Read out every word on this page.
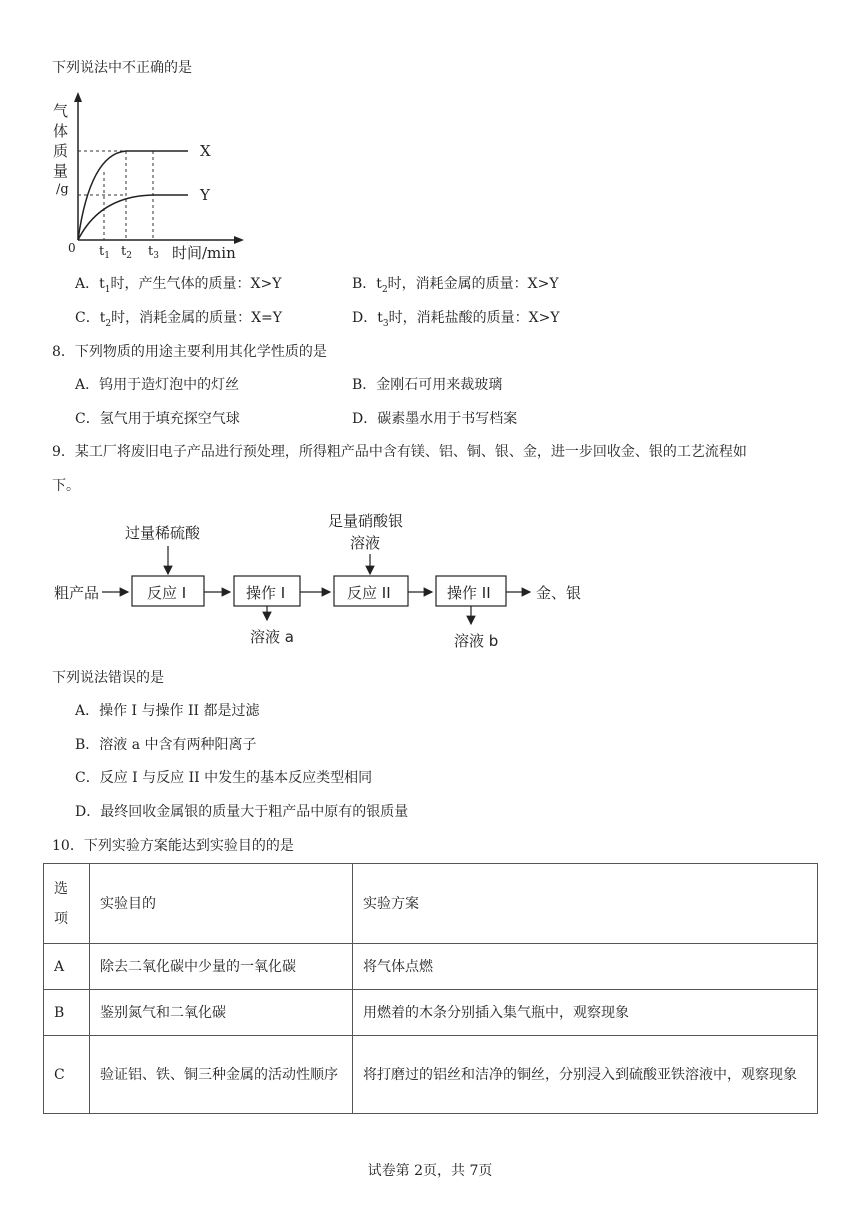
下列说法中不正确的是
气
体
质
量
/g
X
Y
0 $t_1$ $t_2$ $t_3$ 时间/min
A．$t_1$时，产生气体的质量：X>Y	B．$t_2$时，消耗金属的质量：X>Y
C．$t_2$时，消耗金属的质量：X=Y	D．$t_3$时，消耗盐酸的质量：X>Y
8．下列物质的用途主要利用其化学性质的是
A．钨用于造灯泡中的灯丝	B．金刚石可用来裁玻璃
C．氢气用于填充探空气球	D．碳素墨水用于书写档案
9．某工厂将废旧电子产品进行预处理，所得粗产品中含有镁、铝、铜、银、金，进一步回收金、银的工艺流程如
下。
粗产品
过量稀硫酸
反应 I	操作 I
溶液 a
足量硝酸银
溶液
反应 II	操作 II
溶液 b
金、银
下列说法错误的是
A．操作 I 与操作 II 都是过滤
B．溶液 a 中含有两种阳离子
C．反应 I 与反应 II 中发生的基本反应类型相同
D．最终回收金属银的质量大于粗产品中原有的银质量
10．下列实验方案能达到实验目的的是
选
项	实验目的	实验方案
A	除去二氧化碳中少量的一氧化碳	将气体点燃
B	鉴别氮气和二氧化碳	用燃着的木条分别插入集气瓶中，观察现象
C	验证铝、铁、铜三种金属的活动性顺序	将打磨过的铝丝和洁净的铜丝，分别浸入到硫酸亚铁溶液中，观察现象
试卷第 2页，共 7页
